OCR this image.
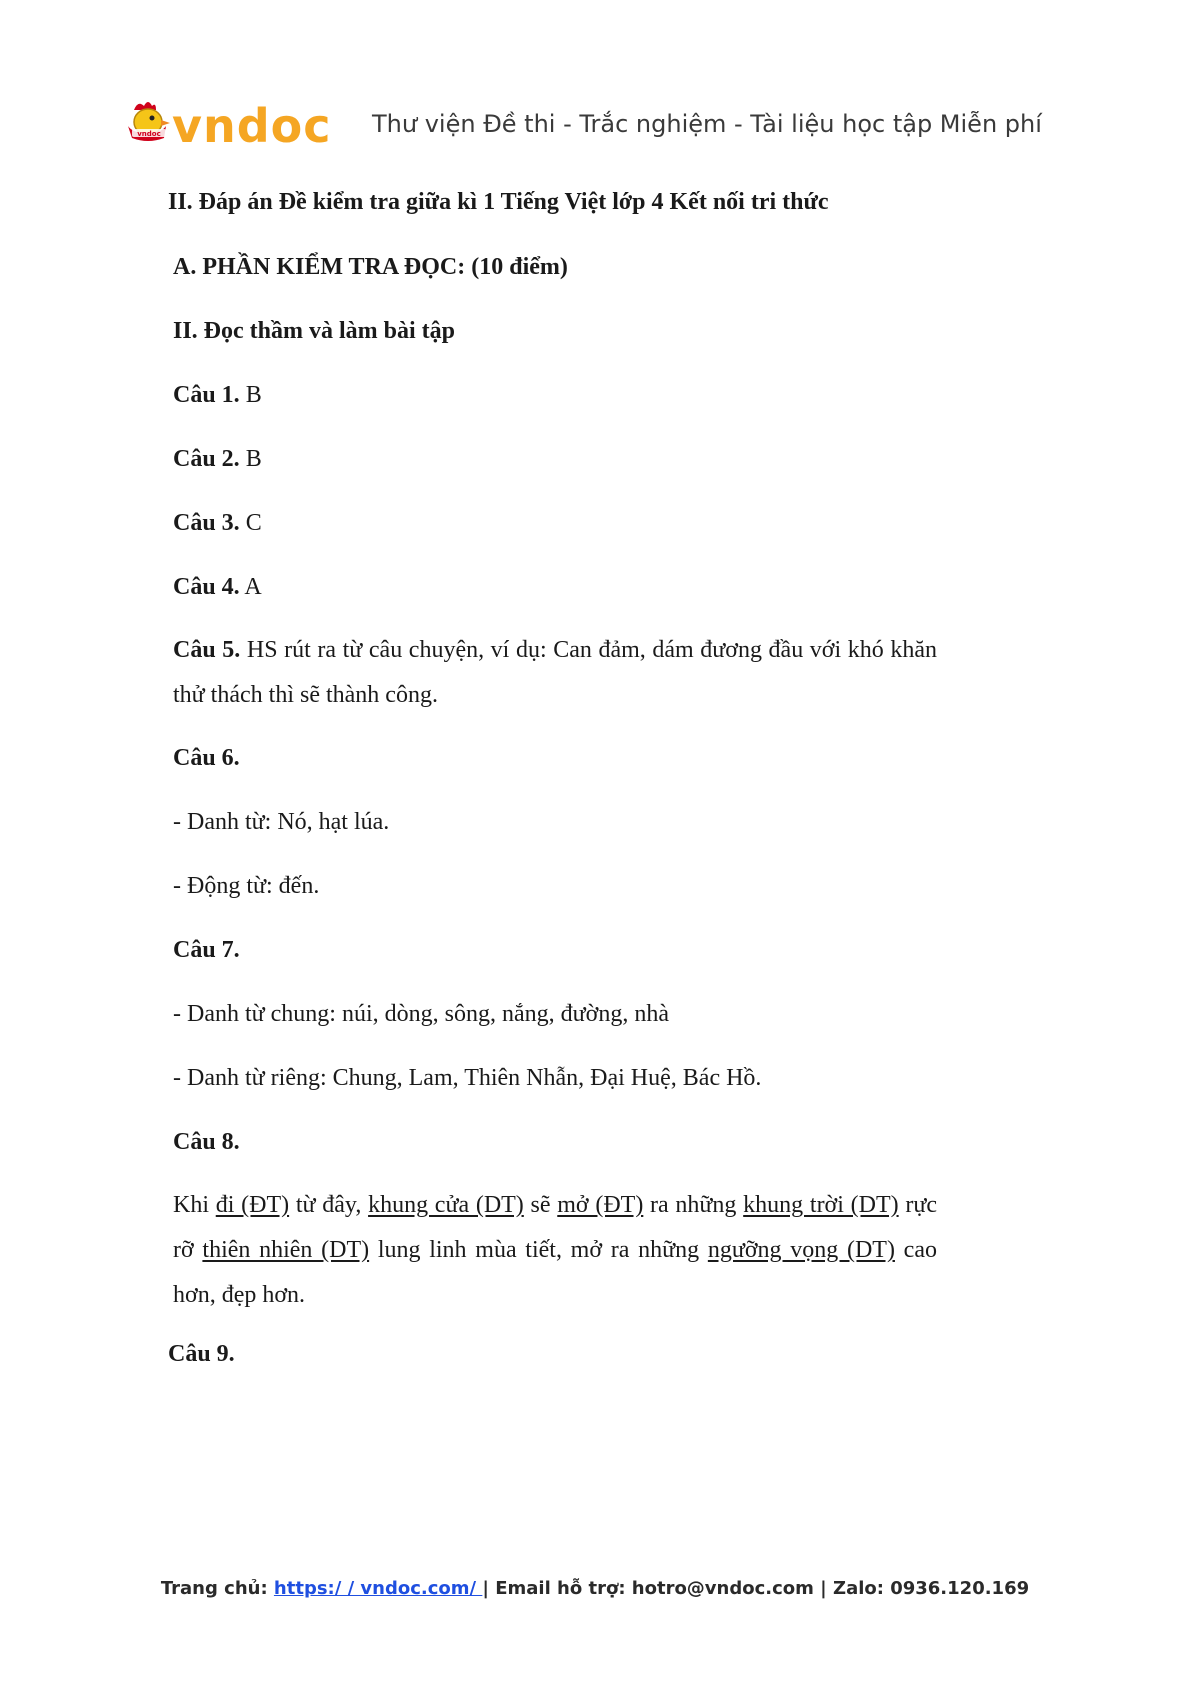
vndoc vndoc Thư viện Đề thi - Trắc nghiệm - Tài liệu học tập Miễn phí
II. Đáp án Đề kiểm tra giữa kì 1 Tiếng Việt lớp 4 Kết nối tri thức
A. PHẦN KIỂM TRA ĐỌC: (10 điểm)
II. Đọc thầm và làm bài tập
Câu 1. B
Câu 2. B
Câu 3. C
Câu 4. A
Câu 5. HS rút ra từ câu chuyện, ví dụ: Can đảm, dám đương đầu với khó khăn thử thách thì sẽ thành công.
Câu 6.
- Danh từ: Nó, hạt lúa.
- Động từ: đến.
Câu 7.
- Danh từ chung: núi, dòng, sông, nắng, đường, nhà
- Danh từ riêng: Chung, Lam, Thiên Nhẫn, Đại Huệ, Bác Hồ.
Câu 8.
Khi đi (ĐT) từ đây, khung cửa (DT) sẽ mở (ĐT) ra những khung trời (DT) rực rỡ thiên nhiên (DT) lung linh mùa tiết, mở ra những ngưỡng vọng (DT) cao hơn, đẹp hơn.
Câu 9.
Trang chủ: https:/ / vndoc.com/ | Email hỗ trợ: hotro@vndoc.com | Zalo: 0936.120.169
